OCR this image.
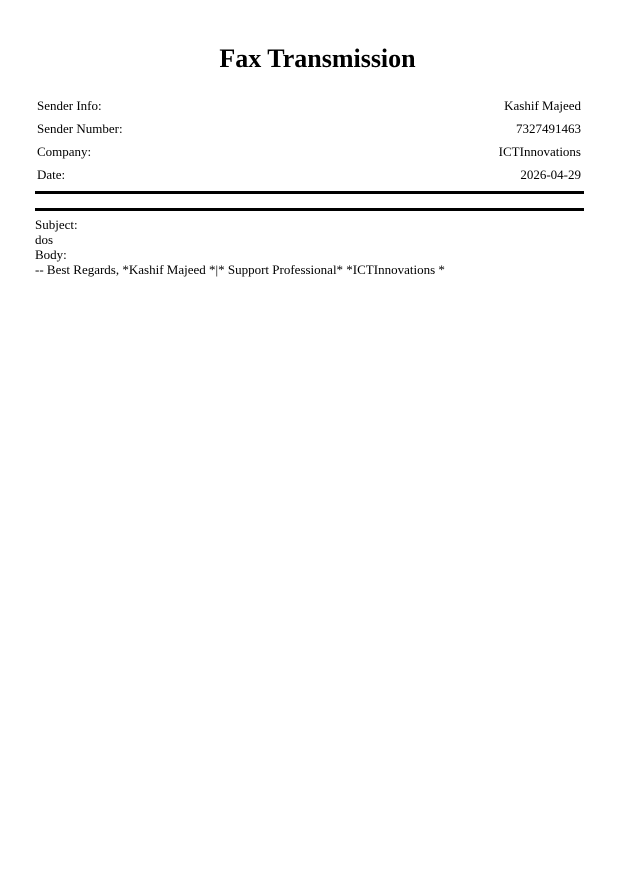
Fax Transmission
Sender Info:	Kashif Majeed
Sender Number:	7327491463
Company:	ICTInnovations
Date:	2026-04-29
Subject:
dos
Body:
-- Best Regards, *Kashif Majeed *|* Support Professional* *ICTInnovations *
